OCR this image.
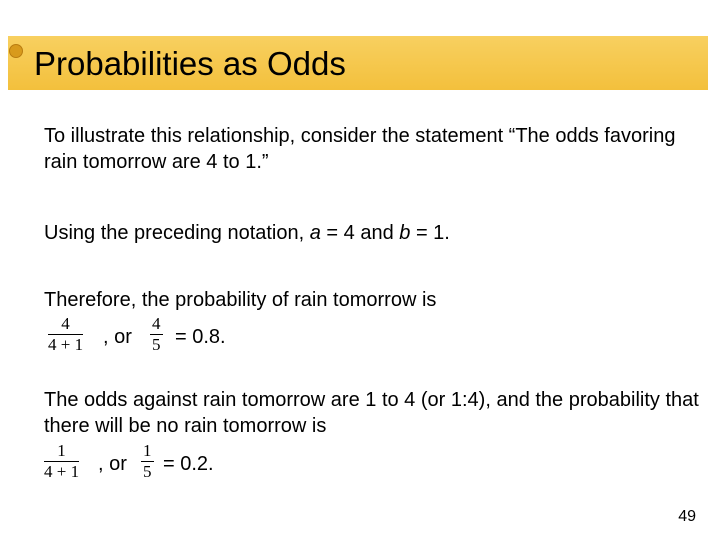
Probabilities as Odds

To illustrate this relationship, consider the statement “The odds favoring rain tomorrow are 4 to 1.”

Using the preceding notation, a = 4 and b = 1.

Therefore, the probability of rain tomorrow is

4
4 + 1 , or
4
5 = 0.8.

The odds against rain tomorrow are 1 to 4 (or 1:4), and the probability that there will be no rain tomorrow is

1
4 + 1 , or
1
5 = 0.2.
49
